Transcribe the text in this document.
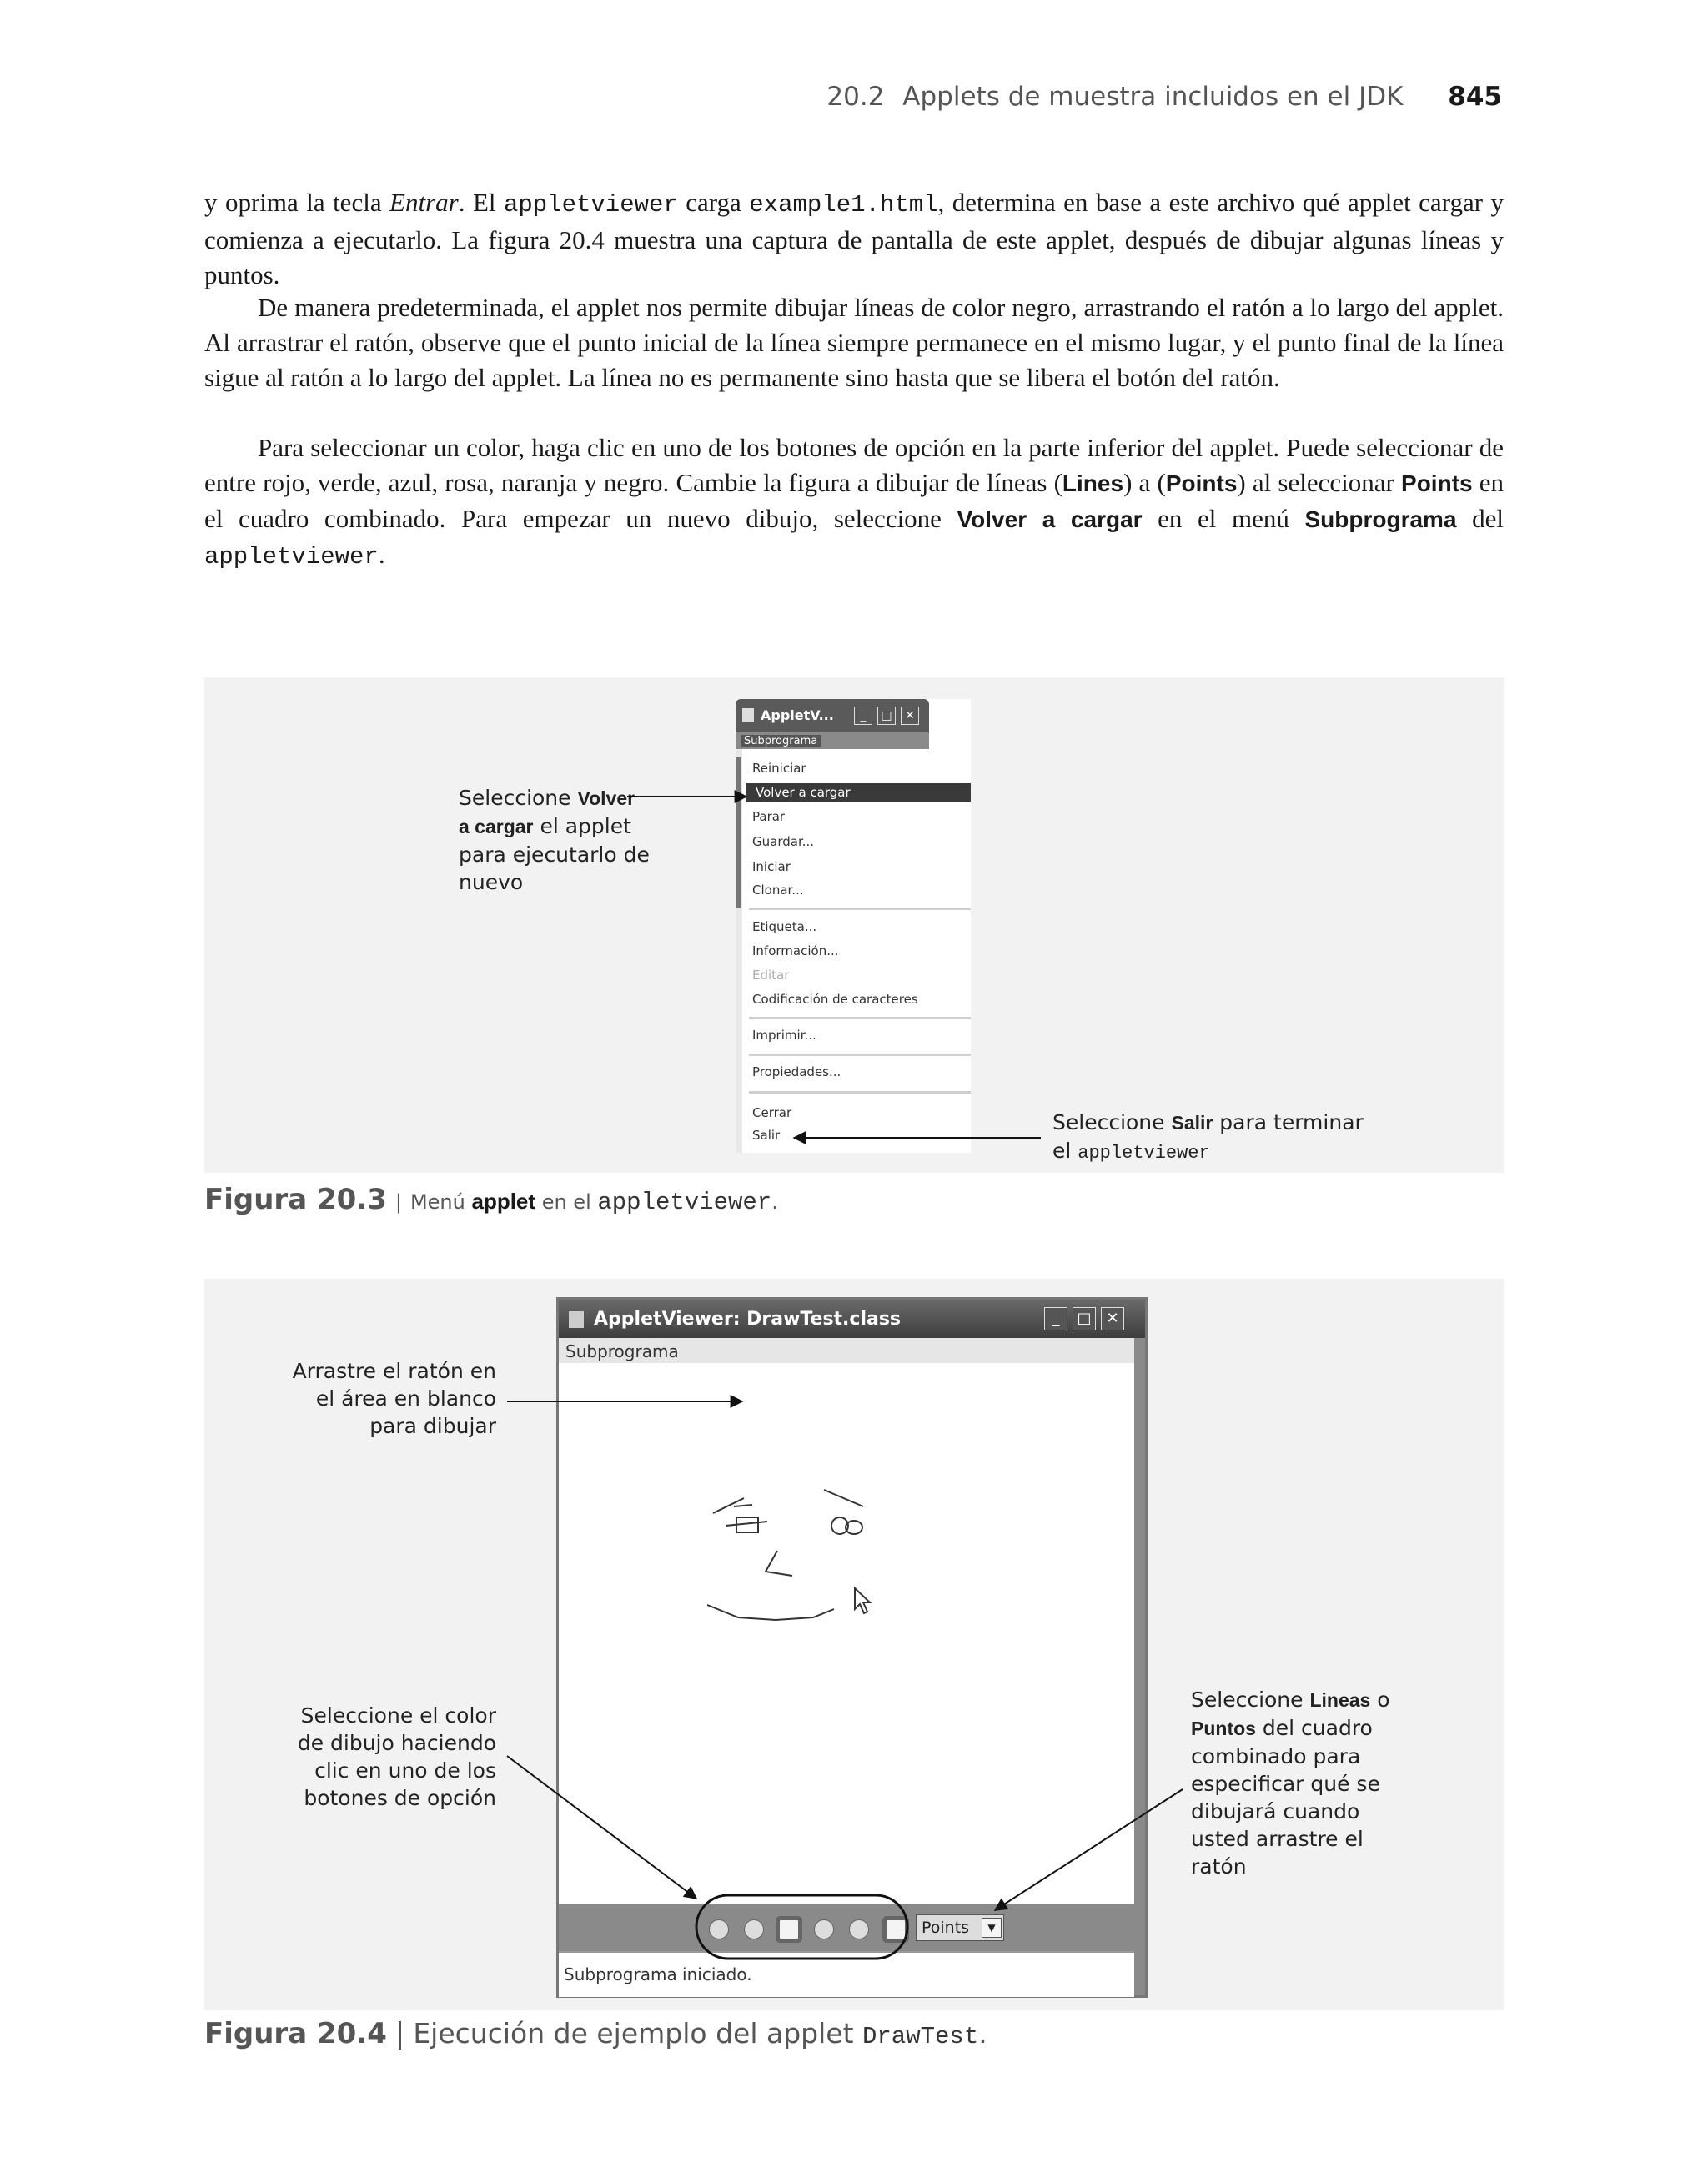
20.2 Applets de muestra incluidos en el JDK 845
y oprima la tecla Entrar. El appletviewer carga example1.html, determina en base a este archivo qué applet cargar y comienza a ejecutarlo. La figura 20.4 muestra una captura de pantalla de este applet, después de dibujar algunas líneas y puntos.
De manera predeterminada, el applet nos permite dibujar líneas de color negro, arrastrando el ratón a lo largo del applet. Al arrastrar el ratón, observe que el punto inicial de la línea siempre permanece en el mismo lugar, y el punto final de la línea sigue al ratón a lo largo del applet. La línea no es permanente sino hasta que se libera el botón del ratón.
Para seleccionar un color, haga clic en uno de los botones de opción en la parte inferior del applet. Puede seleccionar de entre rojo, verde, azul, rosa, naranja y negro. Cambie la figura a dibujar de líneas (Lines) a (Points) al seleccionar Points en el cuadro combinado. Para empezar un nuevo dibujo, seleccione Volver a cargar en el menú Subprograma del appletviewer.
AppletV...	_	□	✕
Subprograma
Reiniciar
Volver a cargar
Parar
Guardar...
Iniciar
Clonar...
Etiqueta...
Información...
Editar
Codificación de caracteres
Imprimir...
Propiedades...
Cerrar
Salir
Seleccione Volver
a cargar el applet
para ejecutarlo de
nuevo
Seleccione Salir para terminar
el appletviewer
Figura 20.3 | Menú applet en el appletviewer.
AppletViewer: DrawTest.class	_	□ ✕
Subprograma
Points	▼
Subprograma iniciado.
Arrastre el ratón en
el área en blanco
para dibujar
Seleccione el color
de dibujo haciendo
clic en uno de los
botones de opción
Seleccione Lineas o
Puntos del cuadro
combinado para
especificar qué se
dibujará cuando
usted arrastre el
ratón
Figura 20.4 | Ejecución de ejemplo del applet DrawTest.
